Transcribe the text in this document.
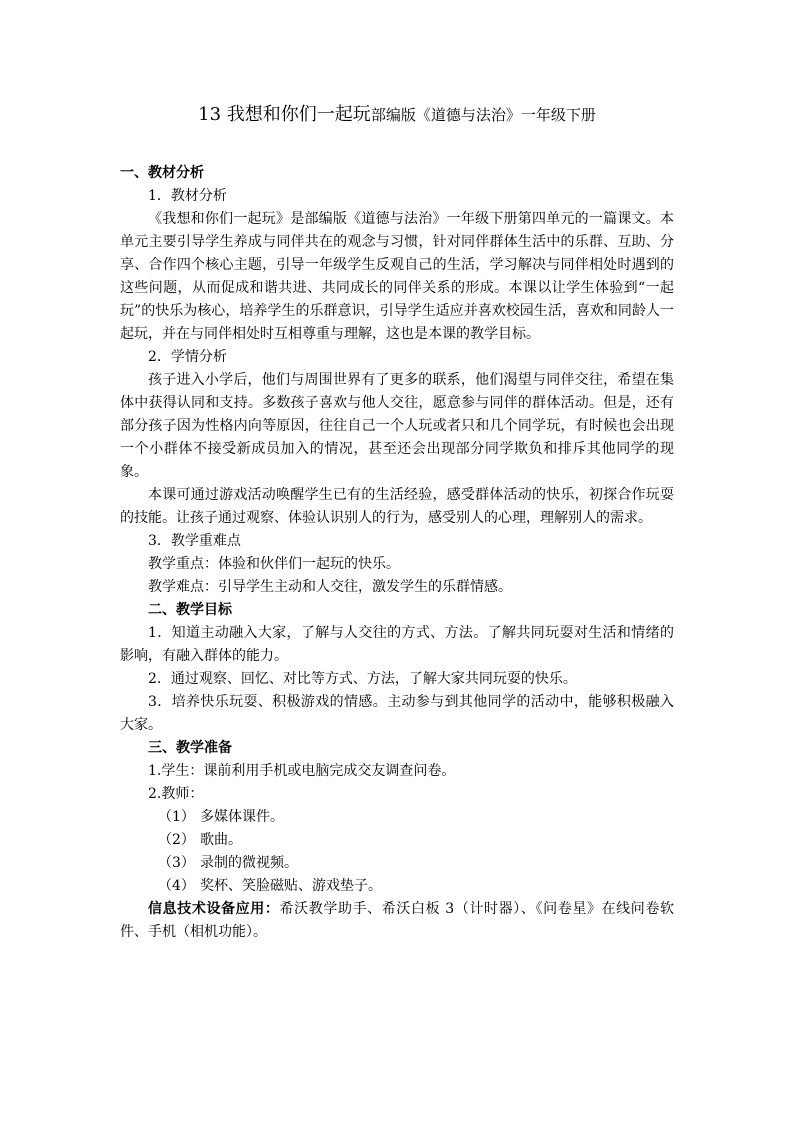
13 我想和你们一起玩部编版《道德与法治》一年级下册

一、教材分析

1．教材分析

《我想和你们一起玩》是部编版《道德与法治》一年级下册第四单元的一篇课文。本单元主要引导学生养成与同伴共在的观念与习惯，针对同伴群体生活中的乐群、互助、分享、合作四个核心主题，引导一年级学生反观自己的生活，学习解决与同伴相处时遇到的这些问题，从而促成和谐共进、共同成长的同伴关系的形成。本课以让学生体验到“一起玩”的快乐为核心，培养学生的乐群意识，引导学生适应并喜欢校园生活，喜欢和同龄人一起玩，并在与同伴相处时互相尊重与理解，这也是本课的教学目标。

2．学情分析

孩子进入小学后，他们与周围世界有了更多的联系，他们渴望与同伴交往，希望在集体中获得认同和支持。多数孩子喜欢与他人交往，愿意参与同伴的群体活动。但是，还有部分孩子因为性格内向等原因，往往自己一个人玩或者只和几个同学玩，有时候也会出现一个小群体不接受新成员加入的情况，甚至还会出现部分同学欺负和排斥其他同学的现象。

本课可通过游戏活动唤醒学生已有的生活经验，感受群体活动的快乐，初探合作玩耍的技能。让孩子通过观察、体验认识别人的行为，感受别人的心理，理解别人的需求。

3．教学重难点

教学重点：体验和伙伴们一起玩的快乐。

教学难点：引导学生主动和人交往，激发学生的乐群情感。

二、教学目标

1．知道主动融入大家，了解与人交往的方式、方法。了解共同玩耍对生活和情绪的影响，有融入群体的能力。

2．通过观察、回忆、对比等方式、方法，了解大家共同玩耍的快乐。

3．培养快乐玩耍、积极游戏的情感。主动参与到其他同学的活动中，能够积极融入大家。

三、教学准备

1.学生：课前利用手机或电脑完成交友调查问卷。

2.教师：

（1） 多媒体课件。

（2） 歌曲。

（3） 录制的微视频。

（4） 奖杯、笑脸磁贴、游戏垫子。

信息技术设备应用：希沃教学助手、希沃白板 3（计时器）、《问卷星》在线问卷软件、手机（相机功能）。
